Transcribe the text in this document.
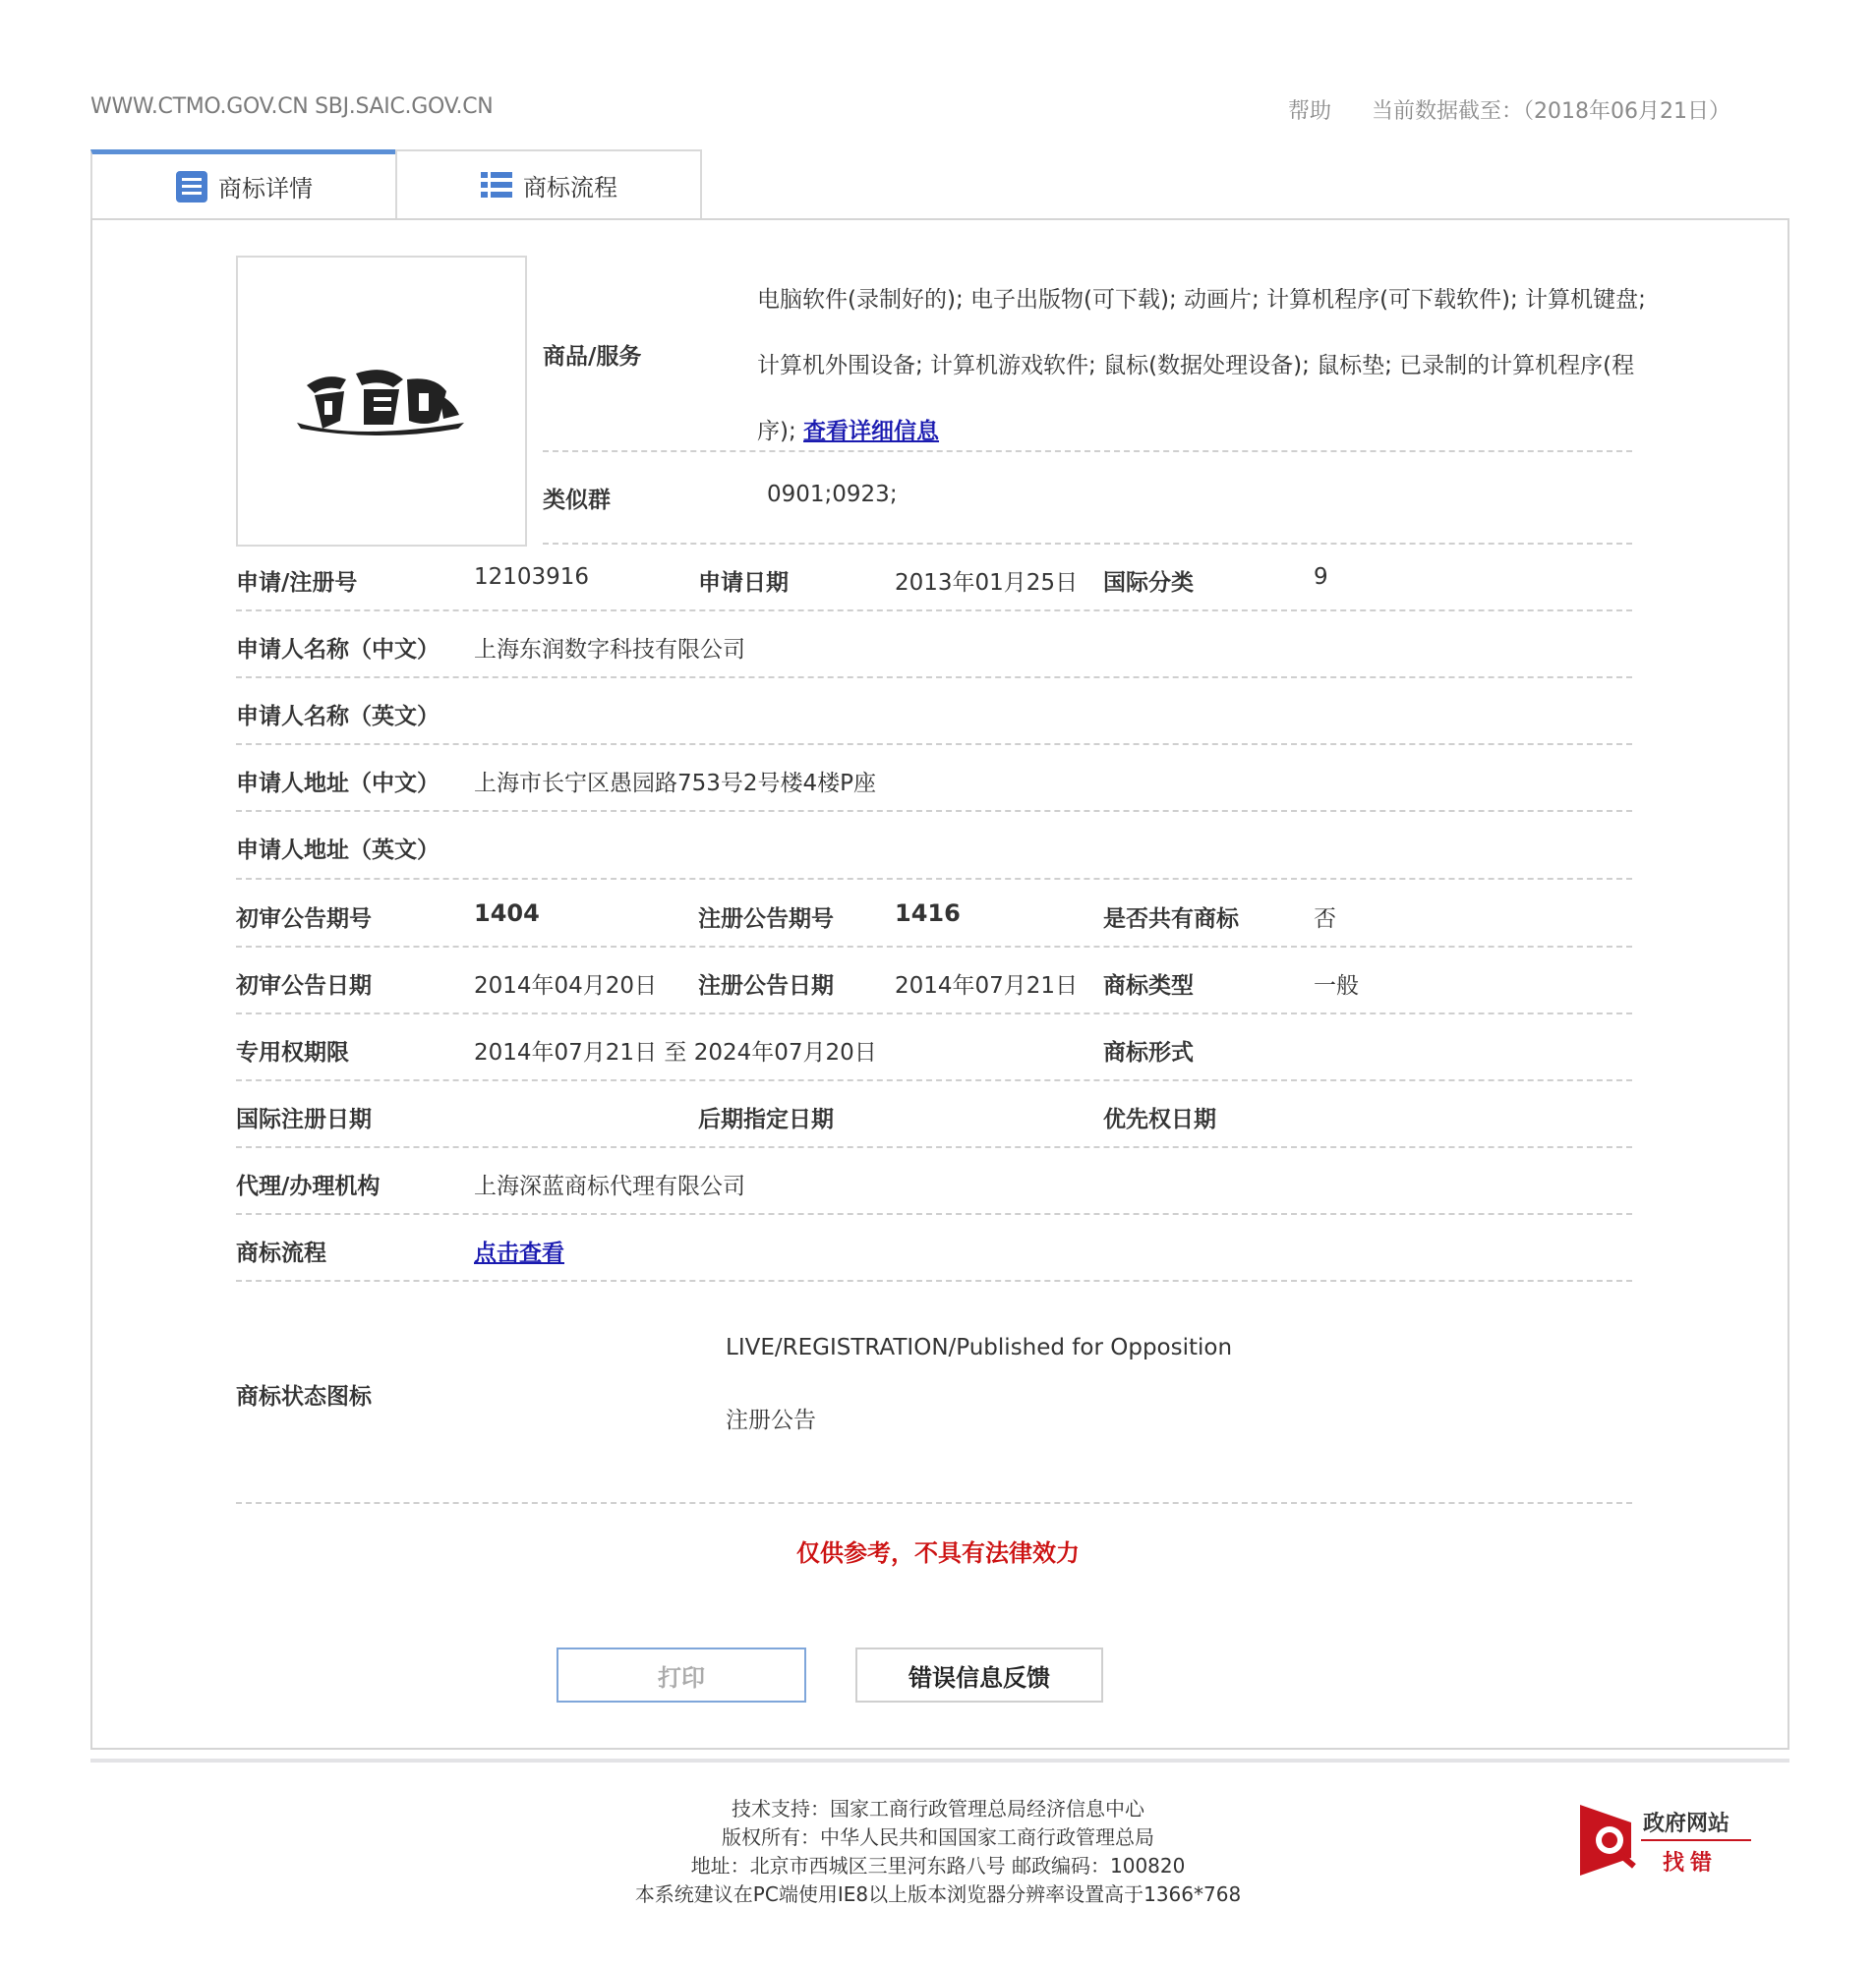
WWW.CTMO.GOV.CN SBJ.SAIC.GOV.CN	帮助 当前数据截至：（2018年06月21日）
商标详情	商标流程
商品/服务
电脑软件(录制好的); 电子出版物(可下载); 动画片; 计算机程序(可下载软件); 计算机键盘; 计算机外围设备; 计算机游戏软件; 鼠标(数据处理设备); 鼠标垫; 已录制的计算机程序(程序); 查看详细信息
类似群	0901;0923;
申请/注册号	12103916	申请日期	2013年01月25日 国际分类	9
申请人名称（中文） 上海东润数字科技有限公司
申请人名称（英文）
申请人地址（中文） 上海市长宁区愚园路753号2号楼4楼P座
申请人地址（英文）
初审公告期号	1404	注册公告期号	1416	是否共有商标	否
初审公告日期	2014年04月20日 注册公告日期	2014年07月21日 商标类型	一般
专用权期限	2014年07月21日 至 2024年07月20日	商标形式
国际注册日期	后期指定日期	优先权日期
代理/办理机构	上海深蓝商标代理有限公司
商标流程	点击查看
商标状态图标
LIVE/REGISTRATION/Published for Opposition
注册公告
仅供参考，不具有法律效力
打印	错误信息反馈
技术支持：国家工商行政管理总局经济信息中心
版权所有：中华人民共和国国家工商行政管理总局
地址：北京市西城区三里河东路八号 邮政编码：100820
本系统建议在PC端使用IE8以上版本浏览器分辨率设置高于1366*768
政府网站
找错
